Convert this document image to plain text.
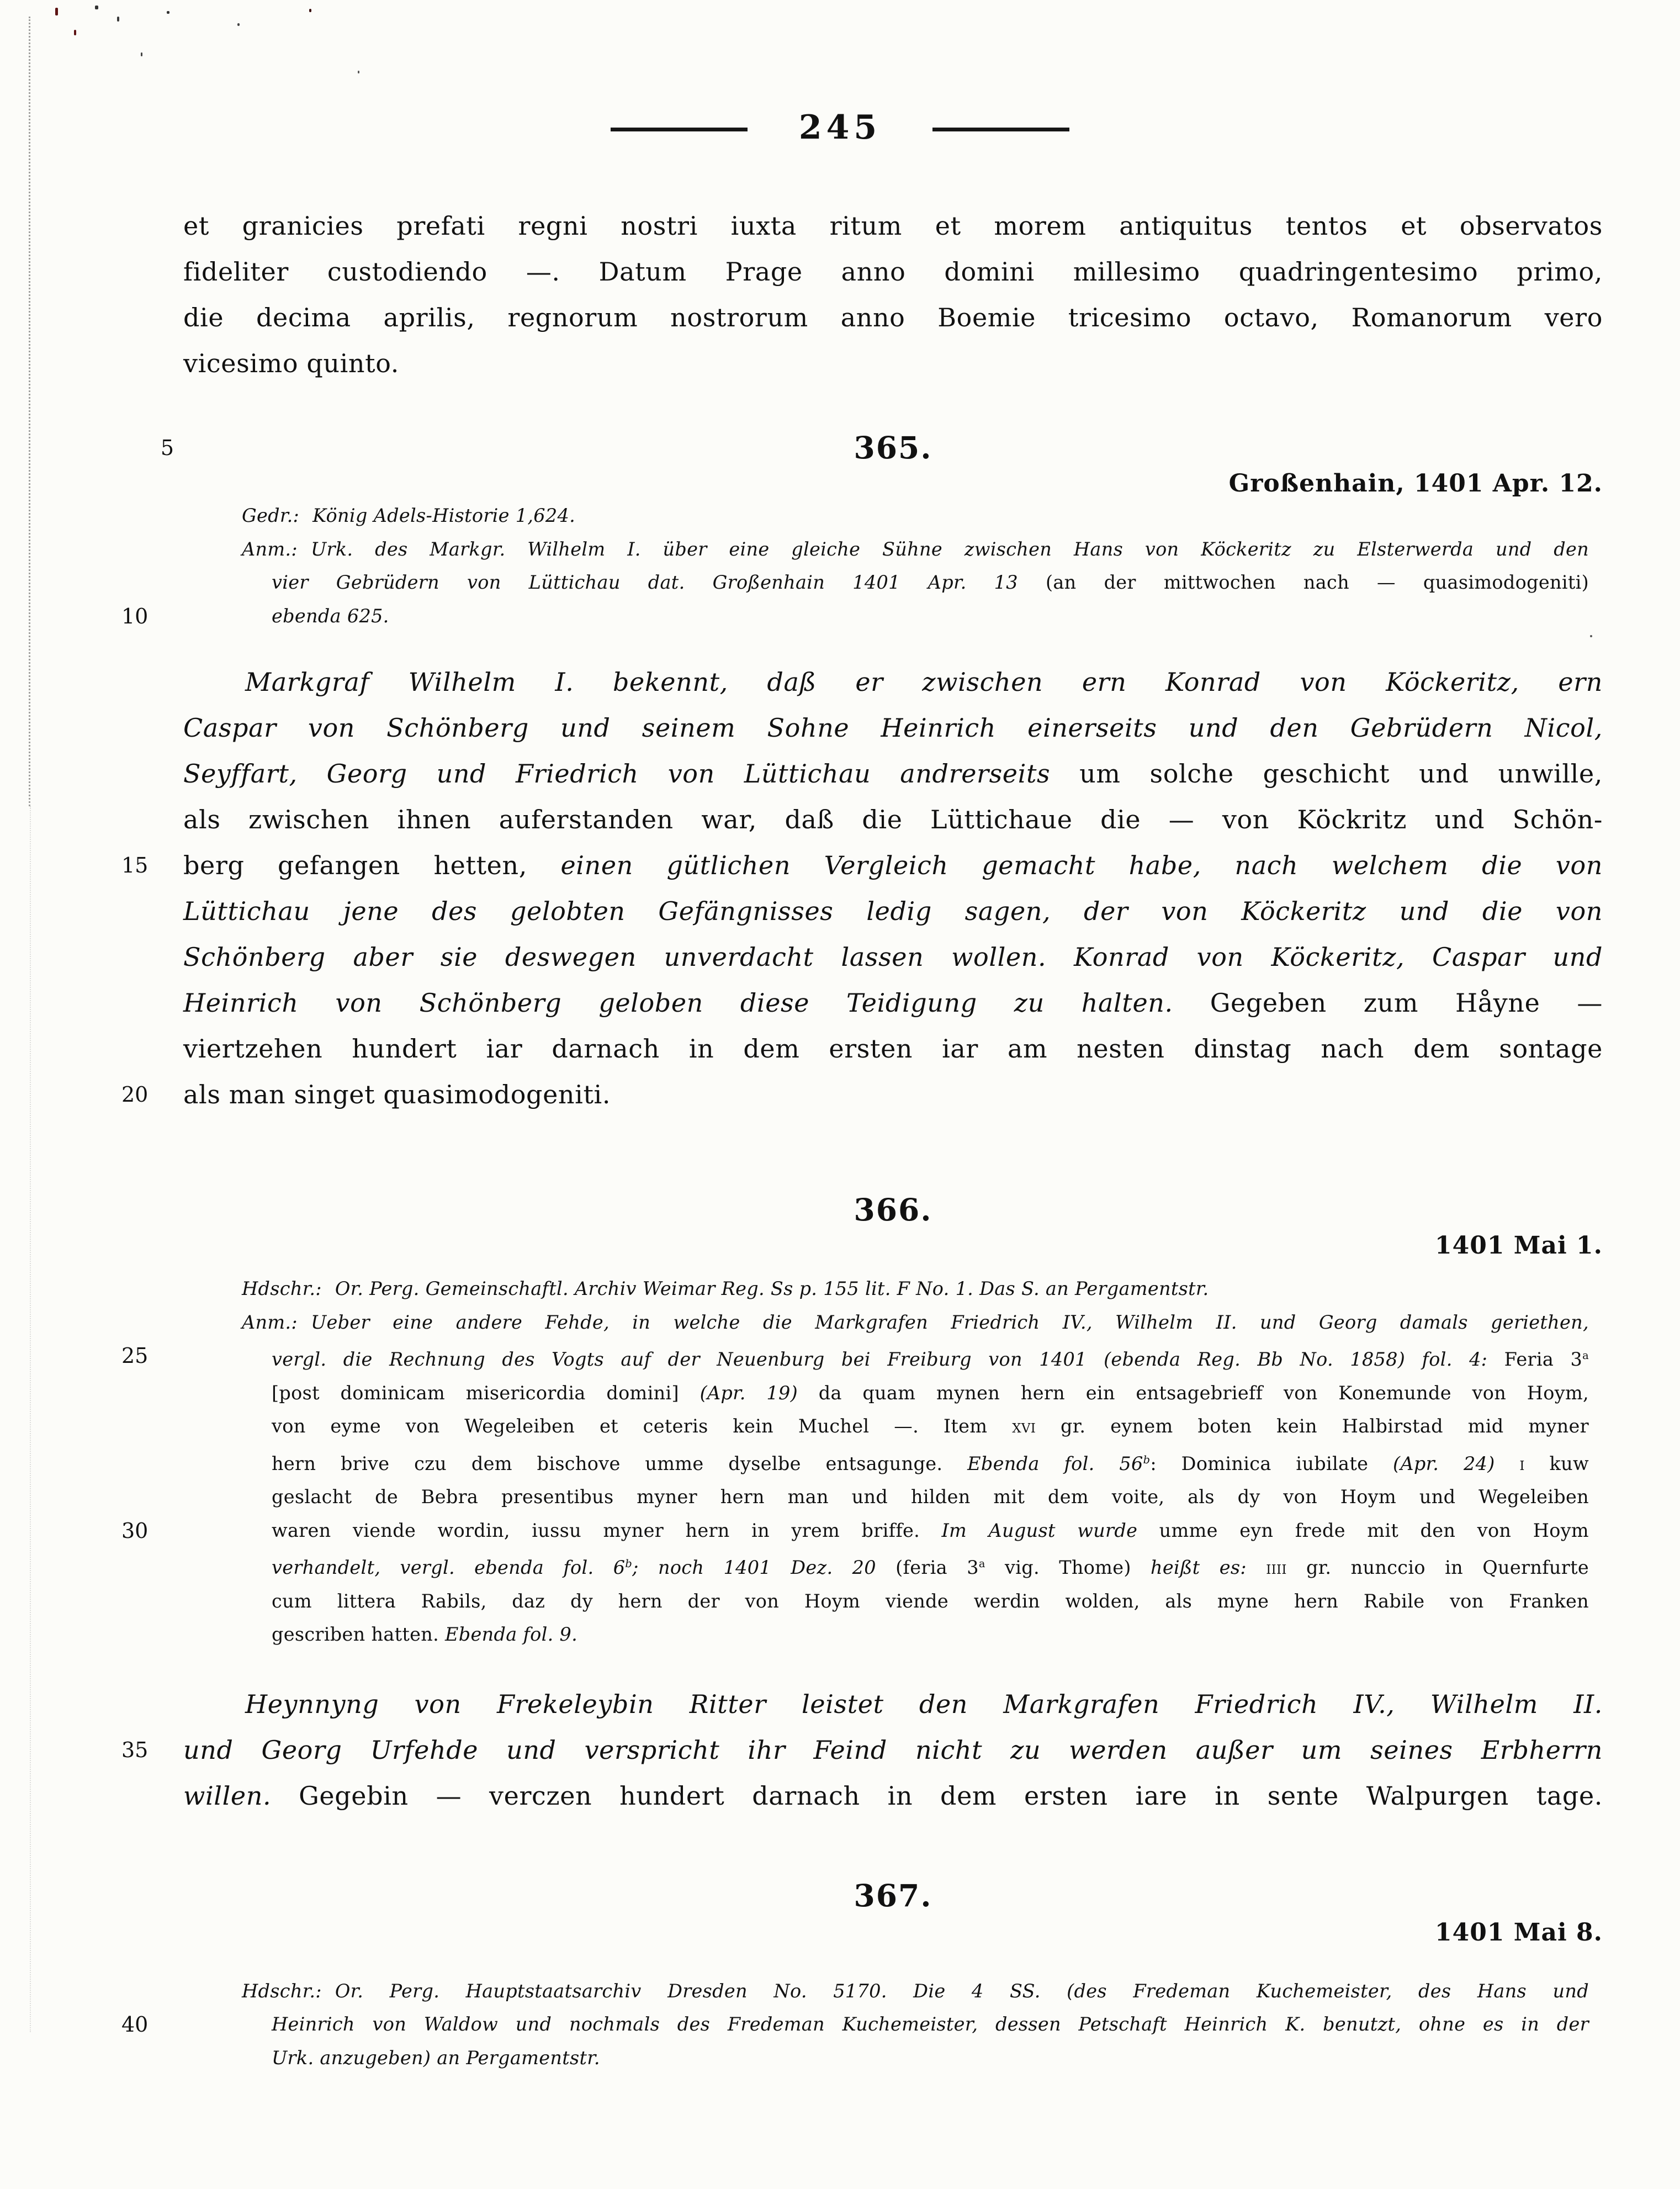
245
et granicies prefati regni nostri iuxta ritum et morem antiquitus tentos et observatos
fideliter custodiendo —. Datum Prage anno domini millesimo quadringentesimo primo,
die decima aprilis, regnorum nostrorum anno Boemie tricesimo octavo, Romanorum vero
vicesimo quinto.
5	365.
Großenhain, 1401 Apr. 12.
Gedr.: König Adels-Historie 1,624.
Anm.: Urk. des Markgr. Wilhelm I. über eine gleiche Sühne zwischen Hans von Köckeritz zu Elsterwerda und den
vier Gebrüdern von Lüttichau dat. Großenhain 1401 Apr. 13 (an der mittwochen nach — quasimodogeniti)
10	ebenda 625.
Markgraf Wilhelm I. bekennt, daß er zwischen ern Konrad von Köckeritz, ern
Caspar von Schönberg und seinem Sohne Heinrich einerseits und den Gebrüdern Nicol,
Seyffart, Georg und Friedrich von Lüttichau andrerseits um solche geschicht und unwille,
als zwischen ihnen auferstanden war, daß die Lüttichaue die — von Köckritz und Schön-
15	berg gefangen hetten, einen gütlichen Vergleich gemacht habe, nach welchem die von
Lüttichau jene des gelobten Gefängnisses ledig sagen, der von Köckeritz und die von
Schönberg aber sie deswegen unverdacht lassen wollen. Konrad von Köckeritz, Caspar und
Heinrich von Schönberg geloben diese Teidigung zu halten. Gegeben zum Håyne —
viertzehen hundert iar darnach in dem ersten iar am nesten dinstag nach dem sontage
20	als man singet quasimodogeniti.
366.
1401 Mai 1.
Hdschr.: Or. Perg. Gemeinschaftl. Archiv Weimar Reg. Ss p. 155 lit. F No. 1. Das S. an Pergamentstr.
Anm.: Ueber eine andere Fehde, in welche die Markgrafen Friedrich IV., Wilhelm II. und Georg damals geriethen,
25	vergl. die Rechnung des Vogts auf der Neuenburg bei Freiburg von 1401 (ebenda Reg. Bb No. 1858) fol. 4: Feria 3$^a$
[post dominicam misericordia domini] (Apr. 19) da quam mynen hern ein entsagebrieff von Konemunde von Hoym,
von eyme von Wegeleiben et ceteris kein Muchel —. Item xvi gr. eynem boten kein Halbirstad mid myner
hern brive czu dem bischove umme dyselbe entsagunge. Ebenda fol. 56$^b$: Dominica iubilate (Apr. 24) i kuw
geslacht de Bebra presentibus myner hern man und hilden mit dem voite, als dy von Hoym und Wegeleiben
30	waren viende wordin, iussu myner hern in yrem briffe. Im August wurde umme eyn frede mit den von Hoym
verhandelt, vergl. ebenda fol. 6$^b$; noch 1401 Dez. 20 (feria 3$^a$ vig. Thome) heißt es: iiii gr. nunccio in Quernfurte
cum littera Rabils, daz dy hern der von Hoym viende werdin wolden, als myne hern Rabile von Franken
gescriben hatten. Ebenda fol. 9.
Heynnyng von Frekeleybin Ritter leistet den Markgrafen Friedrich IV., Wilhelm II.
35	und Georg Urfehde und verspricht ihr Feind nicht zu werden außer um seines Erbherrn
willen. Gegebin — verczen hundert darnach in dem ersten iare in sente Walpurgen tage.
367.
1401 Mai 8.
Hdschr.: Or. Perg. Hauptstaatsarchiv Dresden No. 5170. Die 4 SS. (des Fredeman Kuchemeister, des Hans und
40	Heinrich von Waldow und nochmals des Fredeman Kuchemeister, dessen Petschaft Heinrich K. benutzt, ohne es in der
Urk. anzugeben) an Pergamentstr.
